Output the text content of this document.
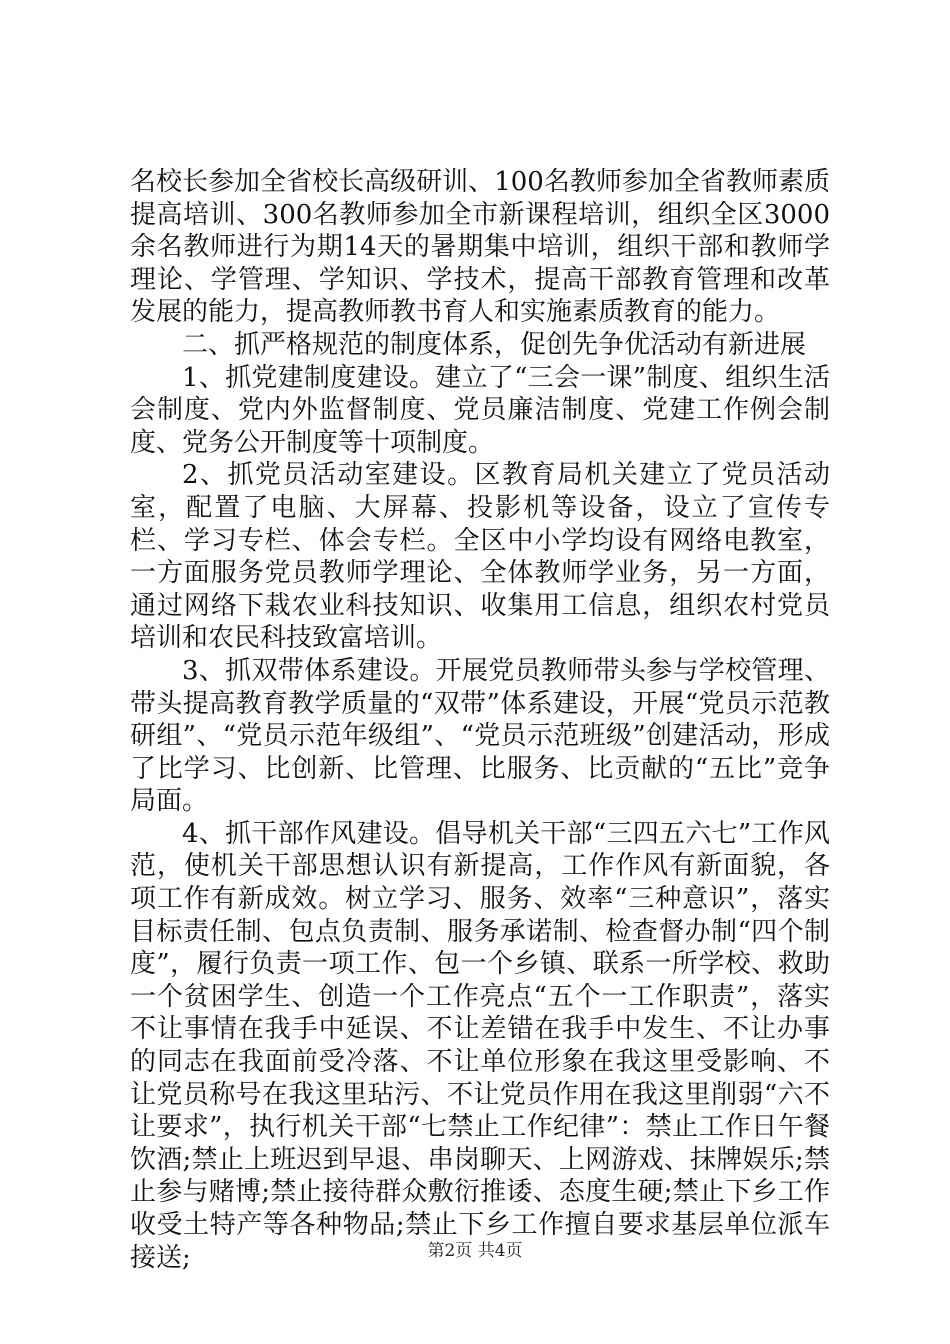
名校长参加全省校长高级研训、100名教师参加全省教师素质提高培训、300名教师参加全市新课程培训，组织全区3000余名教师进行为期14天的暑期集中培训，组织干部和教师学理论、学管理、学知识、学技术，提高干部教育管理和改革发展的能力，提高教师教书育人和实施素质教育的能力。

二、抓严格规范的制度体系，促创先争优活动有新进展

1、抓党建制度建设。建立了“三会一课”制度、组织生活会制度、党内外监督制度、党员廉洁制度、党建工作例会制度、党务公开制度等十项制度。

2、抓党员活动室建设。区教育局机关建立了党员活动室，配置了电脑、大屏幕、投影机等设备，设立了宣传专栏、学习专栏、体会专栏。全区中小学均设有网络电教室，一方面服务党员教师学理论、全体教师学业务，另一方面，通过网络下栽农业科技知识、收集用工信息，组织农村党员培训和农民科技致富培训。

3、抓双带体系建设。开展党员教师带头参与学校管理、带头提高教育教学质量的“双带”体系建设，开展“党员示范教研组”、“党员示范年级组”、“党员示范班级”创建活动，形成了比学习、比创新、比管理、比服务、比贡献的“五比”竞争局面。

4、抓干部作风建设。倡导机关干部“三四五六七”工作风范，使机关干部思想认识有新提高，工作作风有新面貌，各项工作有新成效。树立学习、服务、效率“三种意识”，落实目标责任制、包点负责制、服务承诺制、检查督办制“四个制度”，履行负责一项工作、包一个乡镇、联系一所学校、救助一个贫困学生、创造一个工作亮点“五个一工作职责”，落实不让事情在我手中延误、不让差错在我手中发生、不让办事的同志在我面前受冷落、不让单位形象在我这里受影响、不让党员称号在我这里玷污、不让党员作用在我这里削弱“六不让要求”，执行机关干部“七禁止工作纪律”：禁止工作日午餐饮酒;禁止上班迟到早退、串岗聊天、上网游戏、抹牌娱乐;禁止参与赌博;禁止接待群众敷衍推诿、态度生硬;禁止下乡工作收受土特产等各种物品;禁止下乡工作擅自要求基层单位派车接送;	第2页 共4页
